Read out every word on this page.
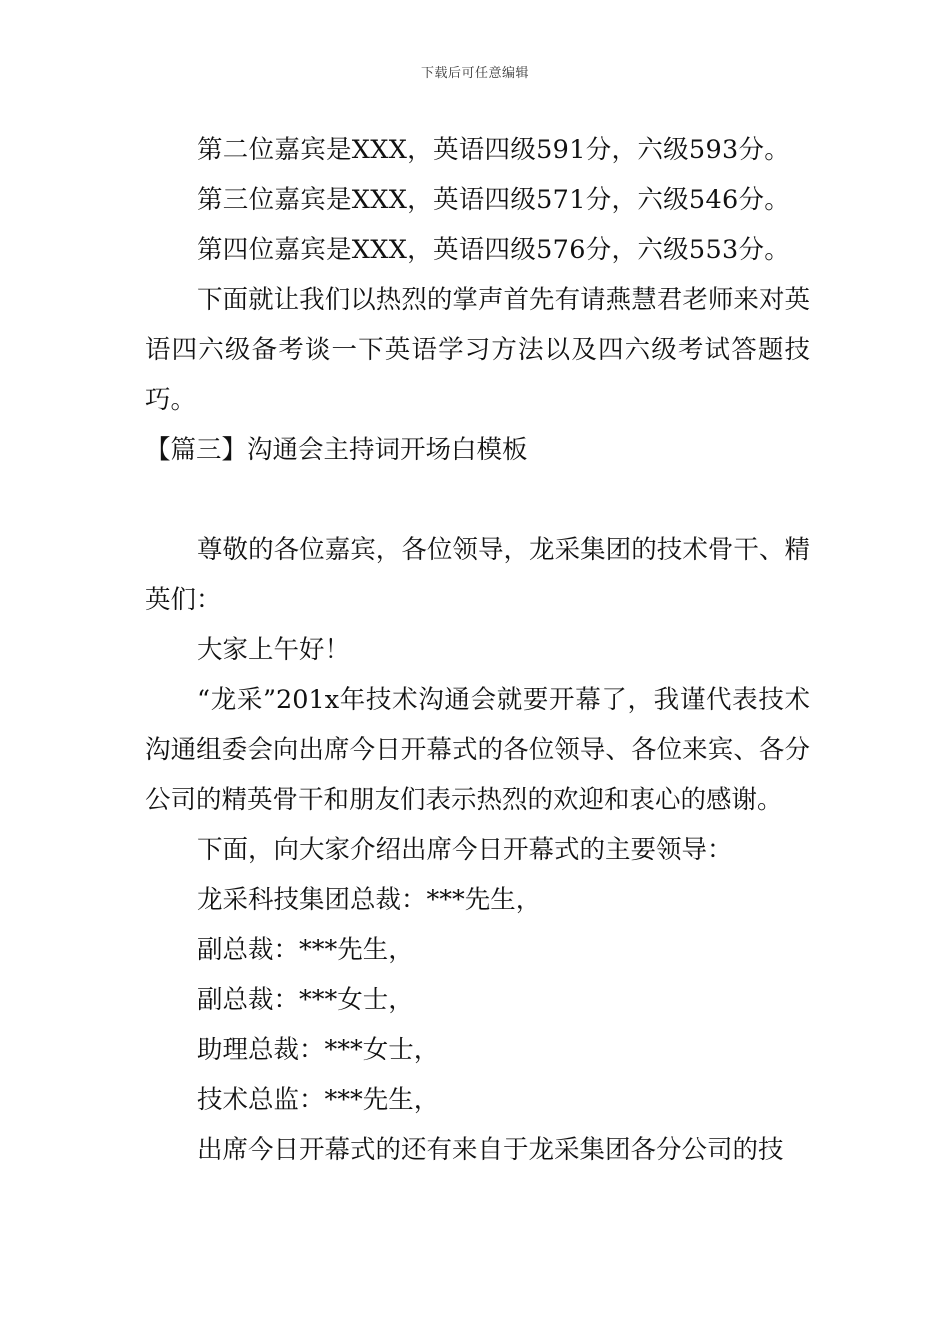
下载后可任意编辑

第二位嘉宾是XXX，英语四级591分，六级593分。

第三位嘉宾是XXX，英语四级571分，六级546分。

第四位嘉宾是XXX，英语四级576分，六级553分。

下面就让我们以热烈的掌声首先有请燕慧君老师来对英语四六级备考谈一下英语学习方法以及四六级考试答题技巧。

【篇三】沟通会主持词开场白模板

尊敬的各位嘉宾，各位领导，龙采集团的技术骨干、精英们：

大家上午好！

“龙采”201x年技术沟通会就要开幕了，我谨代表技术沟通组委会向出席今日开幕式的各位领导、各位来宾、各分公司的精英骨干和朋友们表示热烈的欢迎和衷心的感谢。

下面，向大家介绍出席今日开幕式的主要领导：

龙采科技集团总裁：***先生，

副总裁：***先生，

副总裁：***女士，

助理总裁：***女士，

技术总监：***先生，

出席今日开幕式的还有来自于龙采集团各分公司的技
